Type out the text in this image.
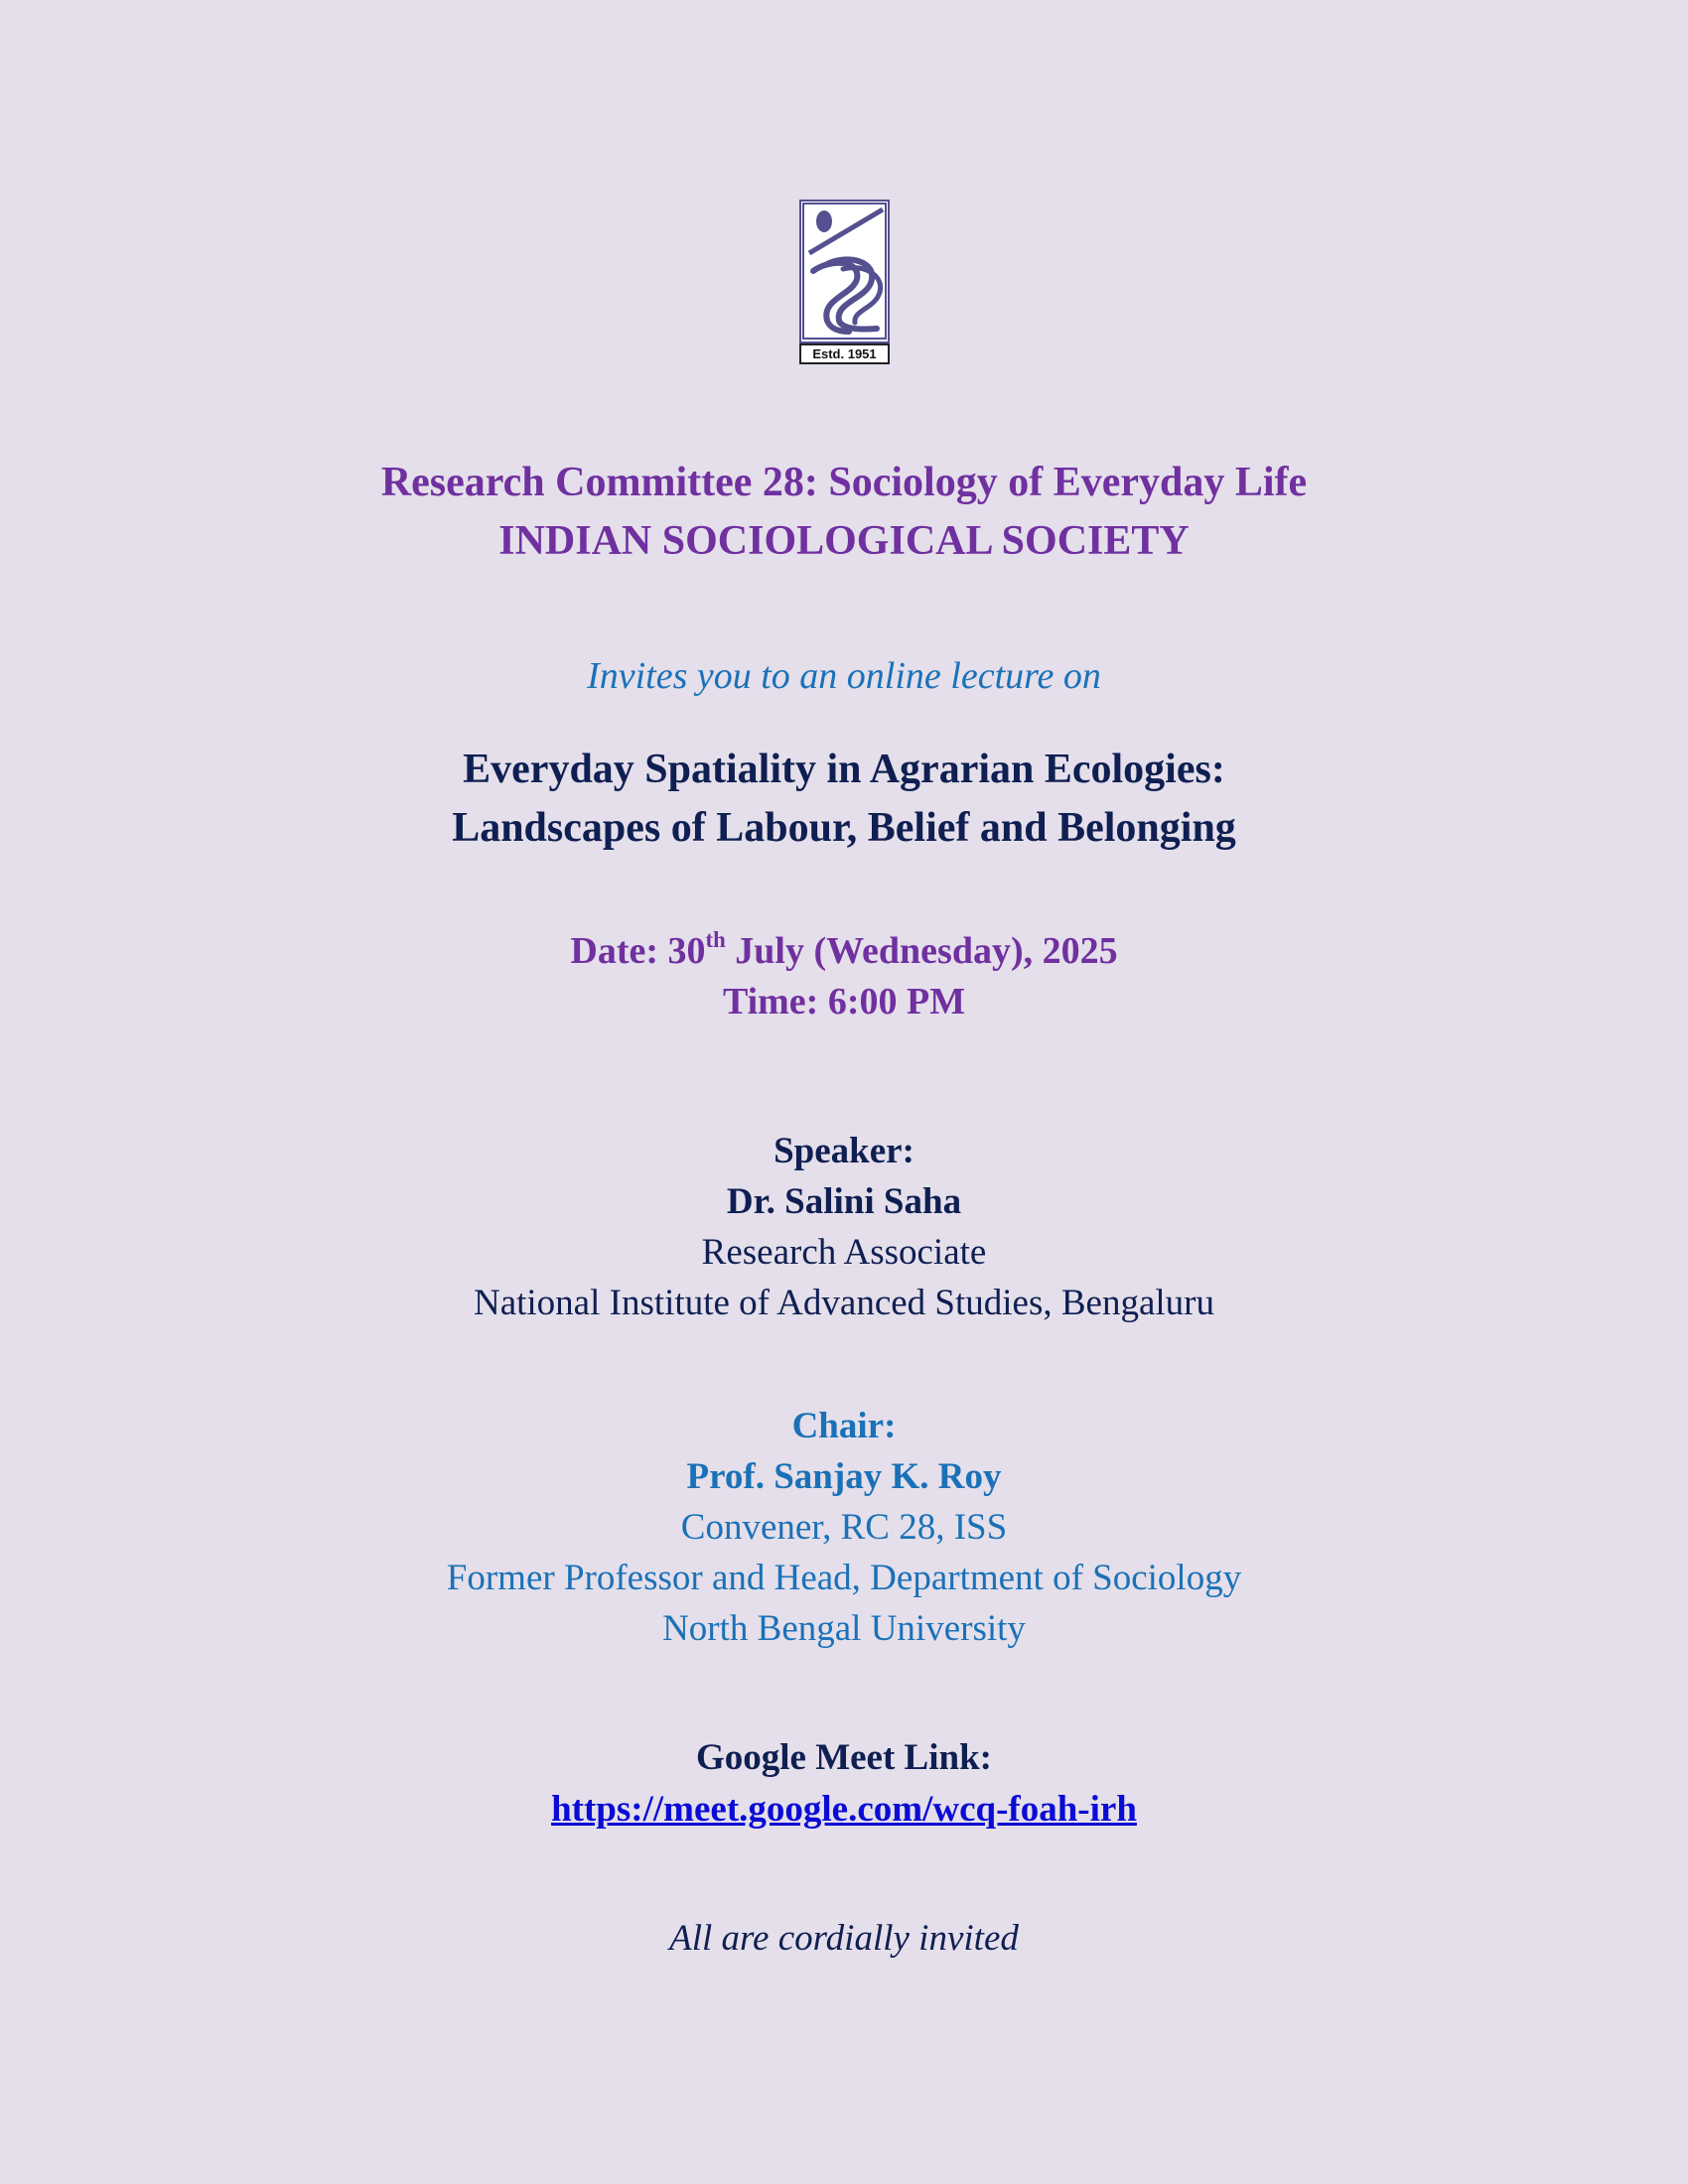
Estd. 1951
Research Committee 28: Sociology of Everyday Life
INDIAN SOCIOLOGICAL SOCIETY
Invites you to an online lecture on
Everyday Spatiality in Agrarian Ecologies:
Landscapes of Labour, Belief and Belonging
Date: 30th July (Wednesday), 2025
Time: 6:00 PM
Speaker:
Dr. Salini Saha
Research Associate
National Institute of Advanced Studies, Bengaluru
Chair:
Prof. Sanjay K. Roy
Convener, RC 28, ISS
Former Professor and Head, Department of Sociology
North Bengal University
Google Meet Link:
https://meet.google.com/wcq-foah-irh
All are cordially invited
